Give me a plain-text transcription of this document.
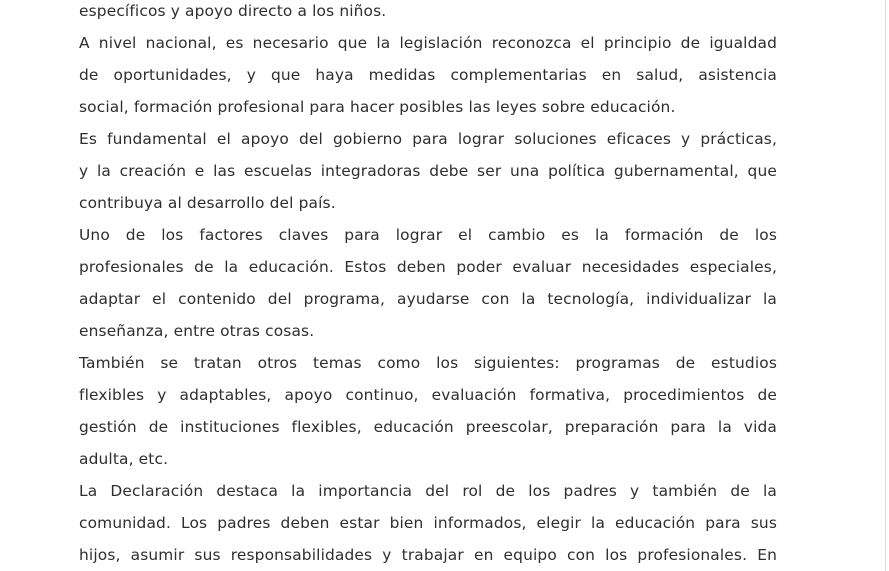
específicos y apoyo directo a los niños.
A nivel nacional, es necesario que la legislación reconozca el principio de igualdad
de oportunidades, y que haya medidas complementarias en salud, asistencia
social, formación profesional para hacer posibles las leyes sobre educación.
Es fundamental el apoyo del gobierno para lograr soluciones eficaces y prácticas,
y la creación e las escuelas integradoras debe ser una política gubernamental, que
contribuya al desarrollo del país.
Uno de los factores claves para lograr el cambio es la formación de los
profesionales de la educación. Estos deben poder evaluar necesidades especiales,
adaptar el contenido del programa, ayudarse con la tecnología, individualizar la
enseñanza, entre otras cosas.
También se tratan otros temas como los siguientes: programas de estudios
flexibles y adaptables, apoyo continuo, evaluación formativa, procedimientos de
gestión de instituciones flexibles, educación preescolar, preparación para la vida
adulta, etc.
La Declaración destaca la importancia del rol de los padres y también de la
comunidad. Los padres deben estar bien informados, elegir la educación para sus
hijos, asumir sus responsabilidades y trabajar en equipo con los profesionales. En
